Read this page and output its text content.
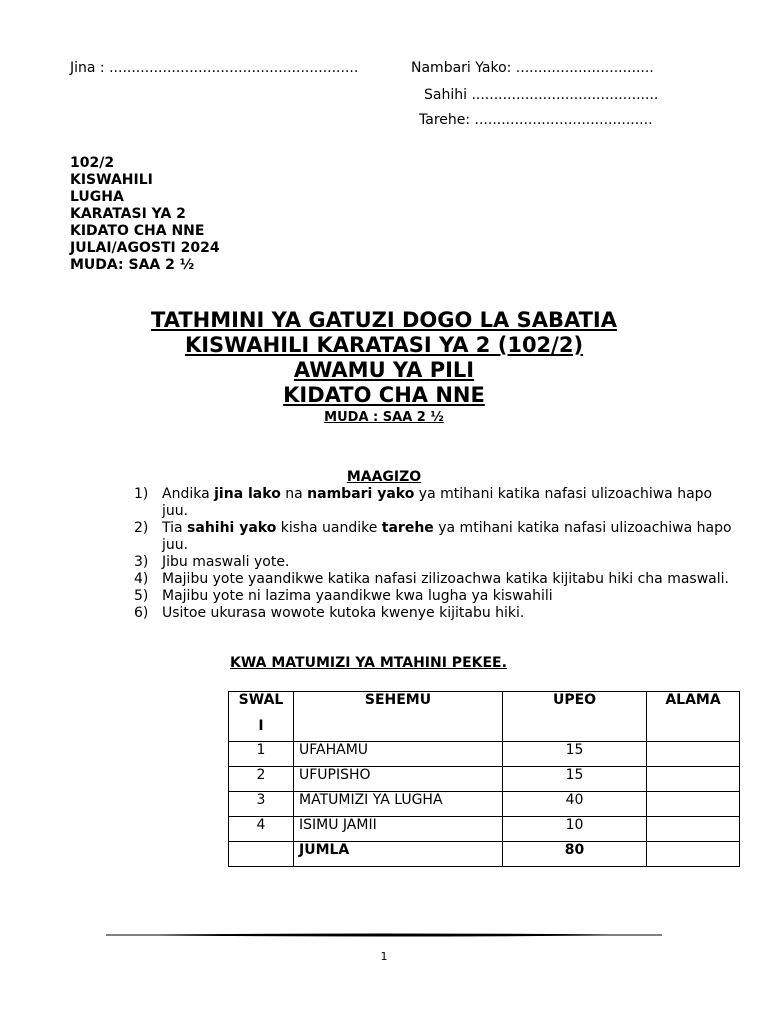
Jina : ........................................................	Nambari Yako: ...............................
Sahihi ..........................................
Tarehe: ........................................
102/2
KISWAHILI
LUGHA
KARATASI YA 2
KIDATO CHA NNE
JULAI/AGOSTI 2024
MUDA: SAA 2 ½
TATHMINI YA GATUZI DOGO LA SABATIA
KISWAHILI KARATASI YA 2 (102/2)
AWAMU YA PILI
KIDATO CHA NNE
MUDA : SAA 2 ½
MAAGIZO
1) Andika jina lako na nambari yako ya mtihani katika nafasi ulizoachiwa hapo juu.
2) Tia sahihi yako kisha uandike tarehe ya mtihani katika nafasi ulizoachiwa hapo juu.
3) Jibu maswali yote.
4) Majibu yote yaandikwe katika nafasi zilizoachwa katika kijitabu hiki cha maswali.
5) Majibu yote ni lazima yaandikwe kwa lugha ya kiswahili
6) Usitoe ukurasa wowote kutoka kwenye kijitabu hiki.
KWA MATUMIZI YA MTAHINI PEKEE.
SWAL
I	SEHEMU	UPEO	ALAMA
1	UFAHAMU	15	
2	UFUPISHO	15	
3	MATUMIZI YA LUGHA	40	
4	ISIMU JAMII	10	
	JUMLA	80	
1
